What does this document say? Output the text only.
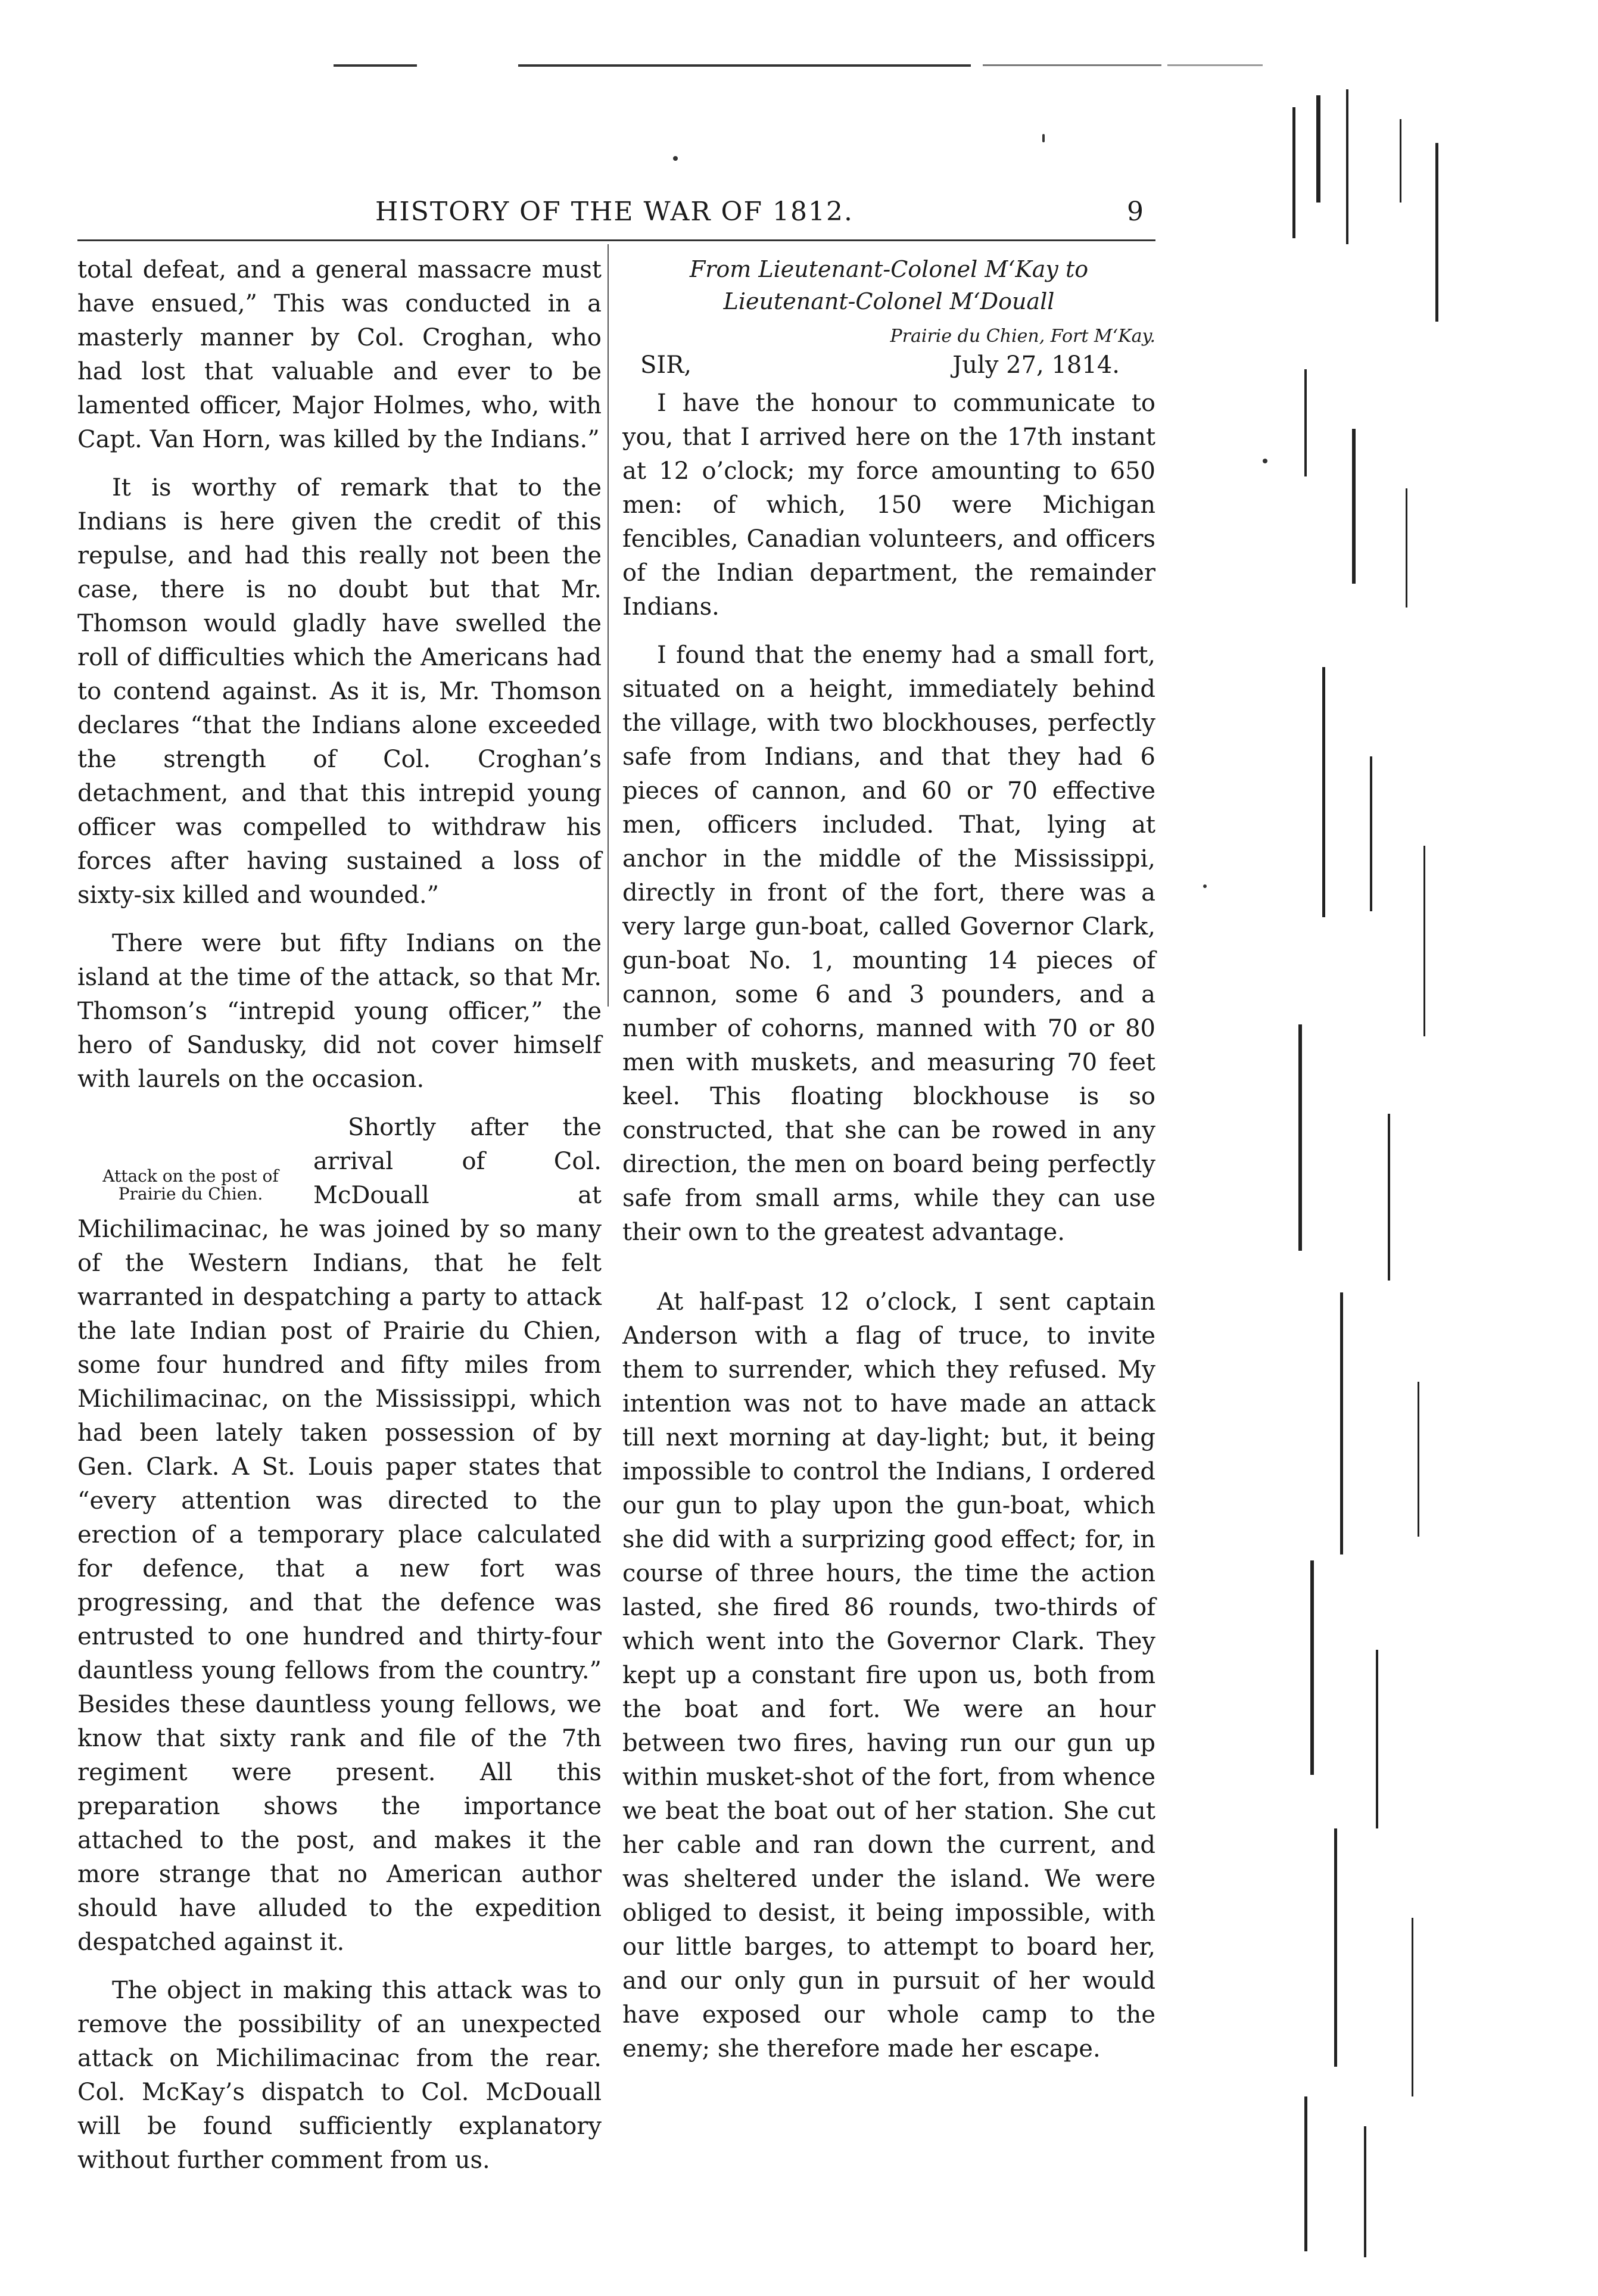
HISTORY OF THE WAR OF 1812.	9

total defeat, and a general massacre must have ensued,” This was conducted in a masterly manner by Col. Croghan, who had lost that valuable and ever to be lamented officer, Major Holmes, who, with Capt. Van Horn, was killed by the Indians.”

It is worthy of remark that to the Indians is here given the credit of this repulse, and had this really not been the case, there is no doubt but that Mr. Thomson would gladly have swelled the roll of difficulties which the Americans had to contend against. As it is, Mr. Thomson declares “that the Indians alone exceeded the strength of Col. Croghan’s detachment, and that this intrepid young officer was compelled to withdraw his forces after having sustained a loss of sixty-six killed and wounded.”

There were but fifty Indians on the island at the time of the attack, so that Mr. Thomson’s “intrepid young officer,” the hero of Sandusky, did not cover himself with laurels on the occasion.

Attack on the post of Prairie du Chien.
Shortly after the arrival of Col. McDouall at Michilimacinac, he was joined by so many of the Western Indians, that he felt warranted in despatching a party to attack the late Indian post of Prairie du Chien, some four hundred and fifty miles from Michilimacinac, on the Mississippi, which had been lately taken possession of by Gen. Clark. A St. Louis paper states that “every attention was directed to the erection of a temporary place calculated for defence, that a new fort was progressing, and that the defence was entrusted to one hundred and thirty-four dauntless young fellows from the country.” Besides these dauntless young fellows, we know that sixty rank and file of the 7th regiment were present. All this preparation shows the importance attached to the post, and makes it the more strange that no American author should have alluded to the expedition despatched against it.

The object in making this attack was to remove the possibility of an unexpected attack on Michilimacinac from the rear. Col. McKay’s dispatch to Col. McDouall will be found sufficiently explanatory without further comment from us.

From Lieutenant-Colonel M‘Kay to Lieutenant-Colonel M‘Douall
Prairie du Chien, Fort M‘Kay.
SIR,	July 27, 1814.

I have the honour to communicate to you, that I arrived here on the 17th instant at 12 o’clock; my force amounting to 650 men: of which, 150 were Michigan fencibles, Canadian volunteers, and officers of the Indian department, the remainder Indians.

I found that the enemy had a small fort, situated on a height, immediately behind the village, with two blockhouses, perfectly safe from Indians, and that they had 6 pieces of cannon, and 60 or 70 effective men, officers included. That, lying at anchor in the middle of the Mississippi, directly in front of the fort, there was a very large gun-boat, called Governor Clark, gun-boat No. 1, mounting 14 pieces of cannon, some 6 and 3 pounders, and a number of cohorns, manned with 70 or 80 men with muskets, and measuring 70 feet keel. This floating blockhouse is so constructed, that she can be rowed in any direction, the men on board being perfectly safe from small arms, while they can use their own to the greatest advantage.

At half-past 12 o’clock, I sent captain Anderson with a flag of truce, to invite them to surrender, which they refused. My intention was not to have made an attack till next morning at day-light; but, it being impossible to control the Indians, I ordered our gun to play upon the gun-boat, which she did with a surprizing good effect; for, in course of three hours, the time the action lasted, she fired 86 rounds, two-thirds of which went into the Governor Clark. They kept up a constant fire upon us, both from the boat and fort. We were an hour between two fires, having run our gun up within musket-shot of the fort, from whence we beat the boat out of her station. She cut her cable and ran down the current, and was sheltered under the island. We were obliged to desist, it being impossible, with our little barges, to attempt to board her, and our only gun in pursuit of her would have exposed our whole camp to the enemy; she therefore made her escape.
